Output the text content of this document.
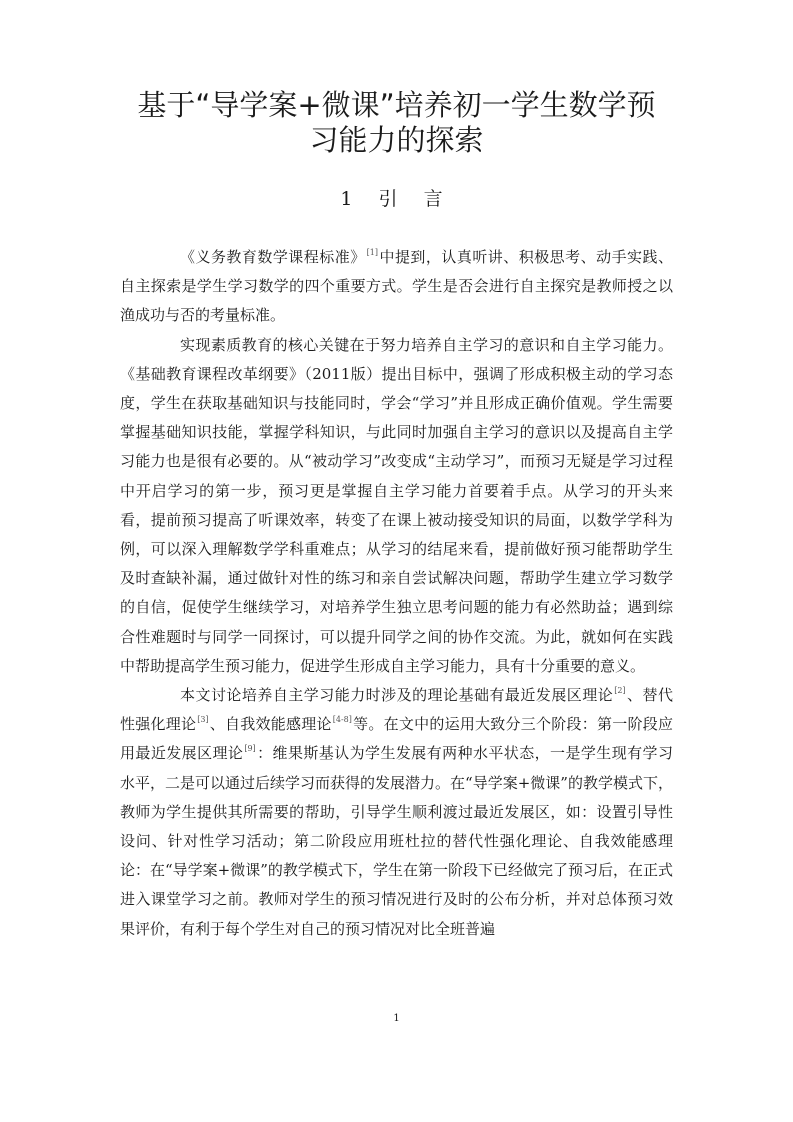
基于“导学案+微课”培养初一学生数学预
习能力的探索
1 引 言

《义务教育数学课程标准》[1]中提到，认真听讲、积极思考、动手实践、自主探索是学生学习数学的四个重要方式。学生是否会进行自主探究是教师授之以渔成功与否的考量标准。

实现素质教育的核心关键在于努力培养自主学习的意识和自主学习能力。《基础教育课程改革纲要》（2011版）提出目标中，强调了形成积极主动的学习态度，学生在获取基础知识与技能同时，学会“学习”并且形成正确价值观。学生需要掌握基础知识技能，掌握学科知识，与此同时加强自主学习的意识以及提高自主学习能力也是很有必要的。从“被动学习”改变成“主动学习”，而预习无疑是学习过程中开启学习的第一步，预习更是掌握自主学习能力首要着手点。从学习的开头来看，提前预习提高了听课效率，转变了在课上被动接受知识的局面，以数学学科为例，可以深入理解数学学科重难点；从学习的结尾来看，提前做好预习能帮助学生及时查缺补漏，通过做针对性的练习和亲自尝试解决问题，帮助学生建立学习数学的自信，促使学生继续学习，对培养学生独立思考问题的能力有必然助益；遇到综合性难题时与同学一同探讨，可以提升同学之间的协作交流。为此，就如何在实践中帮助提高学生预习能力，促进学生形成自主学习能力，具有十分重要的意义。

本文讨论培养自主学习能力时涉及的理论基础有最近发展区理论[2]、替代性强化理论[3]、自我效能感理论[4-8]等。在文中的运用大致分三个阶段：第一阶段应用最近发展区理论[9]：维果斯基认为学生发展有两种水平状态，一是学生现有学习水平，二是可以通过后续学习而获得的发展潜力。在“导学案+微课”的教学模式下，教师为学生提供其所需要的帮助，引导学生顺利渡过最近发展区，如：设置引导性设问、针对性学习活动；第二阶段应用班杜拉的替代性强化理论、自我效能感理论：在“导学案+微课”的教学模式下，学生在第一阶段下已经做完了预习后，在正式进入课堂学习之前。教师对学生的预习情况进行及时的公布分析，并对总体预习效果评价，有利于每个学生对自己的预习情况对比全班普遍

1
